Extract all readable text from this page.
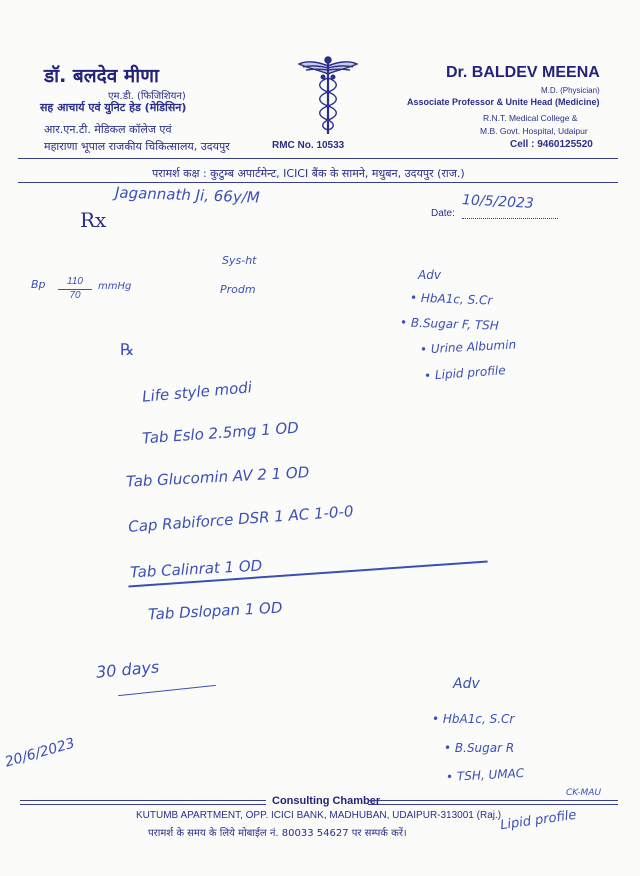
डॉ. बलदेव मीणा
एम.डी. (फिजिशियन)
सह आचार्य एवं युनिट हेड (मेडिसिन)
आर.एन.टी. मेडिकल कॉलेज एवं
महाराणा भूपाल राजकीय चिकित्सालय, उदयपुर	RMC No. 10533
Dr. BALDEV MEENA
M.D. (Physician)
Associate Professor & Unite Head (Medicine)
R.N.T. Medical College &
M.B. Govt. Hospital, Udaipur
Cell : 9460125520
परामर्श कक्ष : कुटुम्ब अपार्टमेन्ट, ICICI बैंक के सामने, मधुबन, उदयपुर (राज.)
Rx	Date:
Jagannath Ji, 66y/M	10/5/2023
Sys-ht
Prodm
Bp $\frac{110}{70}$ mmHg
Adv
• HbA1c, S.Cr
• B.Sugar F, TSH
• Urine Albumin
• Lipid profile
℞
Life style modi
Tab Eslo 2.5mg 1 OD
Tab Glucomin AV 2 1 OD
Cap Rabiforce DSR 1 AC 1-0-0
Tab Calinrat 1 OD
Tab Dslopan 1 OD
30 days
20/6/2023
Adv
• HbA1c, S.Cr
• B.Sugar R
• TSH, UMAC
CK-MAU
Lipid profile
Consulting Chamber
KUTUMB APARTMENT, OPP. ICICI BANK, MADHUBAN, UDAIPUR-313001 (Raj.)
परामर्श के समय के लिये मोबाईल नं. 80033 54627 पर सम्पर्क करें।
